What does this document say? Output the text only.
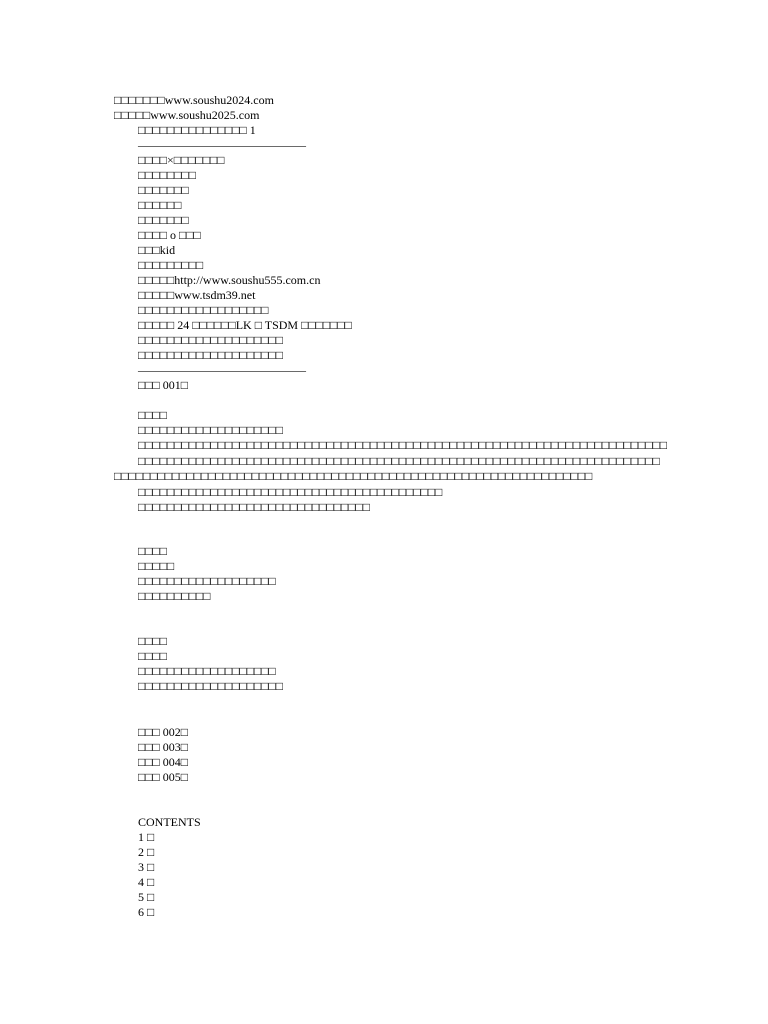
□□□□□□□www.soushu2024.com
□□□□□www.soushu2025.com
□□□□□□□□□□□□□□□ 1
——————————————
□□□□×□□□□□□□
□□□□□□□□
□□□□□□□
□□□□□□
□□□□□□□
□□□□ o □□□
□□□kid
□□□□□□□□□
□□□□□http://www.soushu555.com.cn
□□□□□www.tsdm39.net
□□□□□□□□□□□□□□□□□□
□□□□□ 24 □□□□□□LK □ TSDM □□□□□□□
□□□□□□□□□□□□□□□□□□□□
□□□□□□□□□□□□□□□□□□□□
——————————————
□□□ 001□
□□□□
□□□□□□□□□□□□□□□□□□□□
□□□□□□□□□□□□□□□□□□□□□□□□□□□□□□□□□□□□□□□□□□□□□□□□□□□□□□□□□□□□□□□□□□□□□□□□□
□□□□□□□□□□□□□□□□□□□□□□□□□□□□□□□□□□□□□□□□□□□□□□□□□□□□□□□□□□□□□□□□□□□□□□□□□□□□□□□□□□□□□□□□□□□□□□□□□□□□□□□□□□□□□□□□□□□□□□□□□□□□□□□□□□□□□□□□□□
□□□□□□□□□□□□□□□□□□□□□□□□□□□□□□□□□□□□□□□□□□
□□□□□□□□□□□□□□□□□□□□□□□□□□□□□□□□
□□□□
□□□□□
□□□□□□□□□□□□□□□□□□□
□□□□□□□□□□
□□□□
□□□□
□□□□□□□□□□□□□□□□□□□
□□□□□□□□□□□□□□□□□□□□
□□□ 002□
□□□ 003□
□□□ 004□
□□□ 005□
CONTENTS
1 □
2 □
3 □
4 □
5 □
6 □
